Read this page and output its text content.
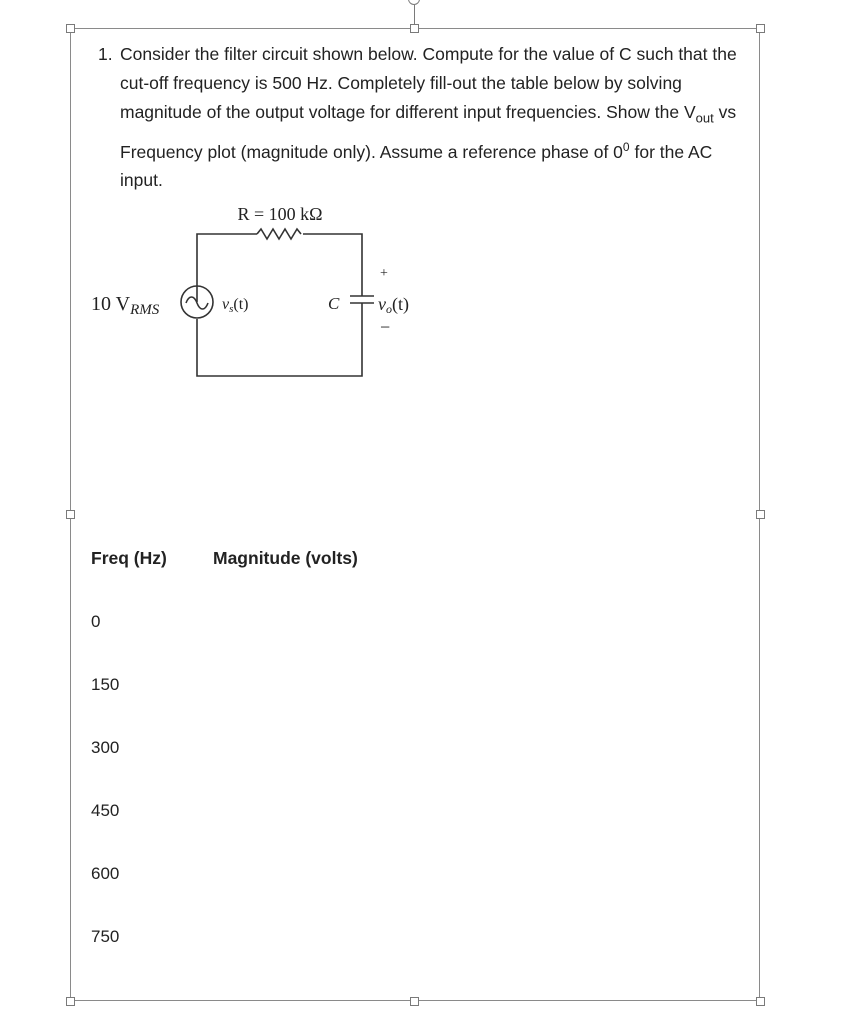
1. Consider the filter circuit shown below. Compute for the value of C such that the cut-off frequency is 500 Hz. Completely fill-out the table below by solving magnitude of the output voltage for different input frequencies. Show the $V_{out}$ vs Frequency plot (magnitude only). Assume a reference phase of $0^0$ for the AC input.
R = 100 kΩ
10 $V_{RMS}$	vs(t)	C vo(t)
+
−
Freq (Hz)	Magnitude (volts)
0
150
300
450
600
750
